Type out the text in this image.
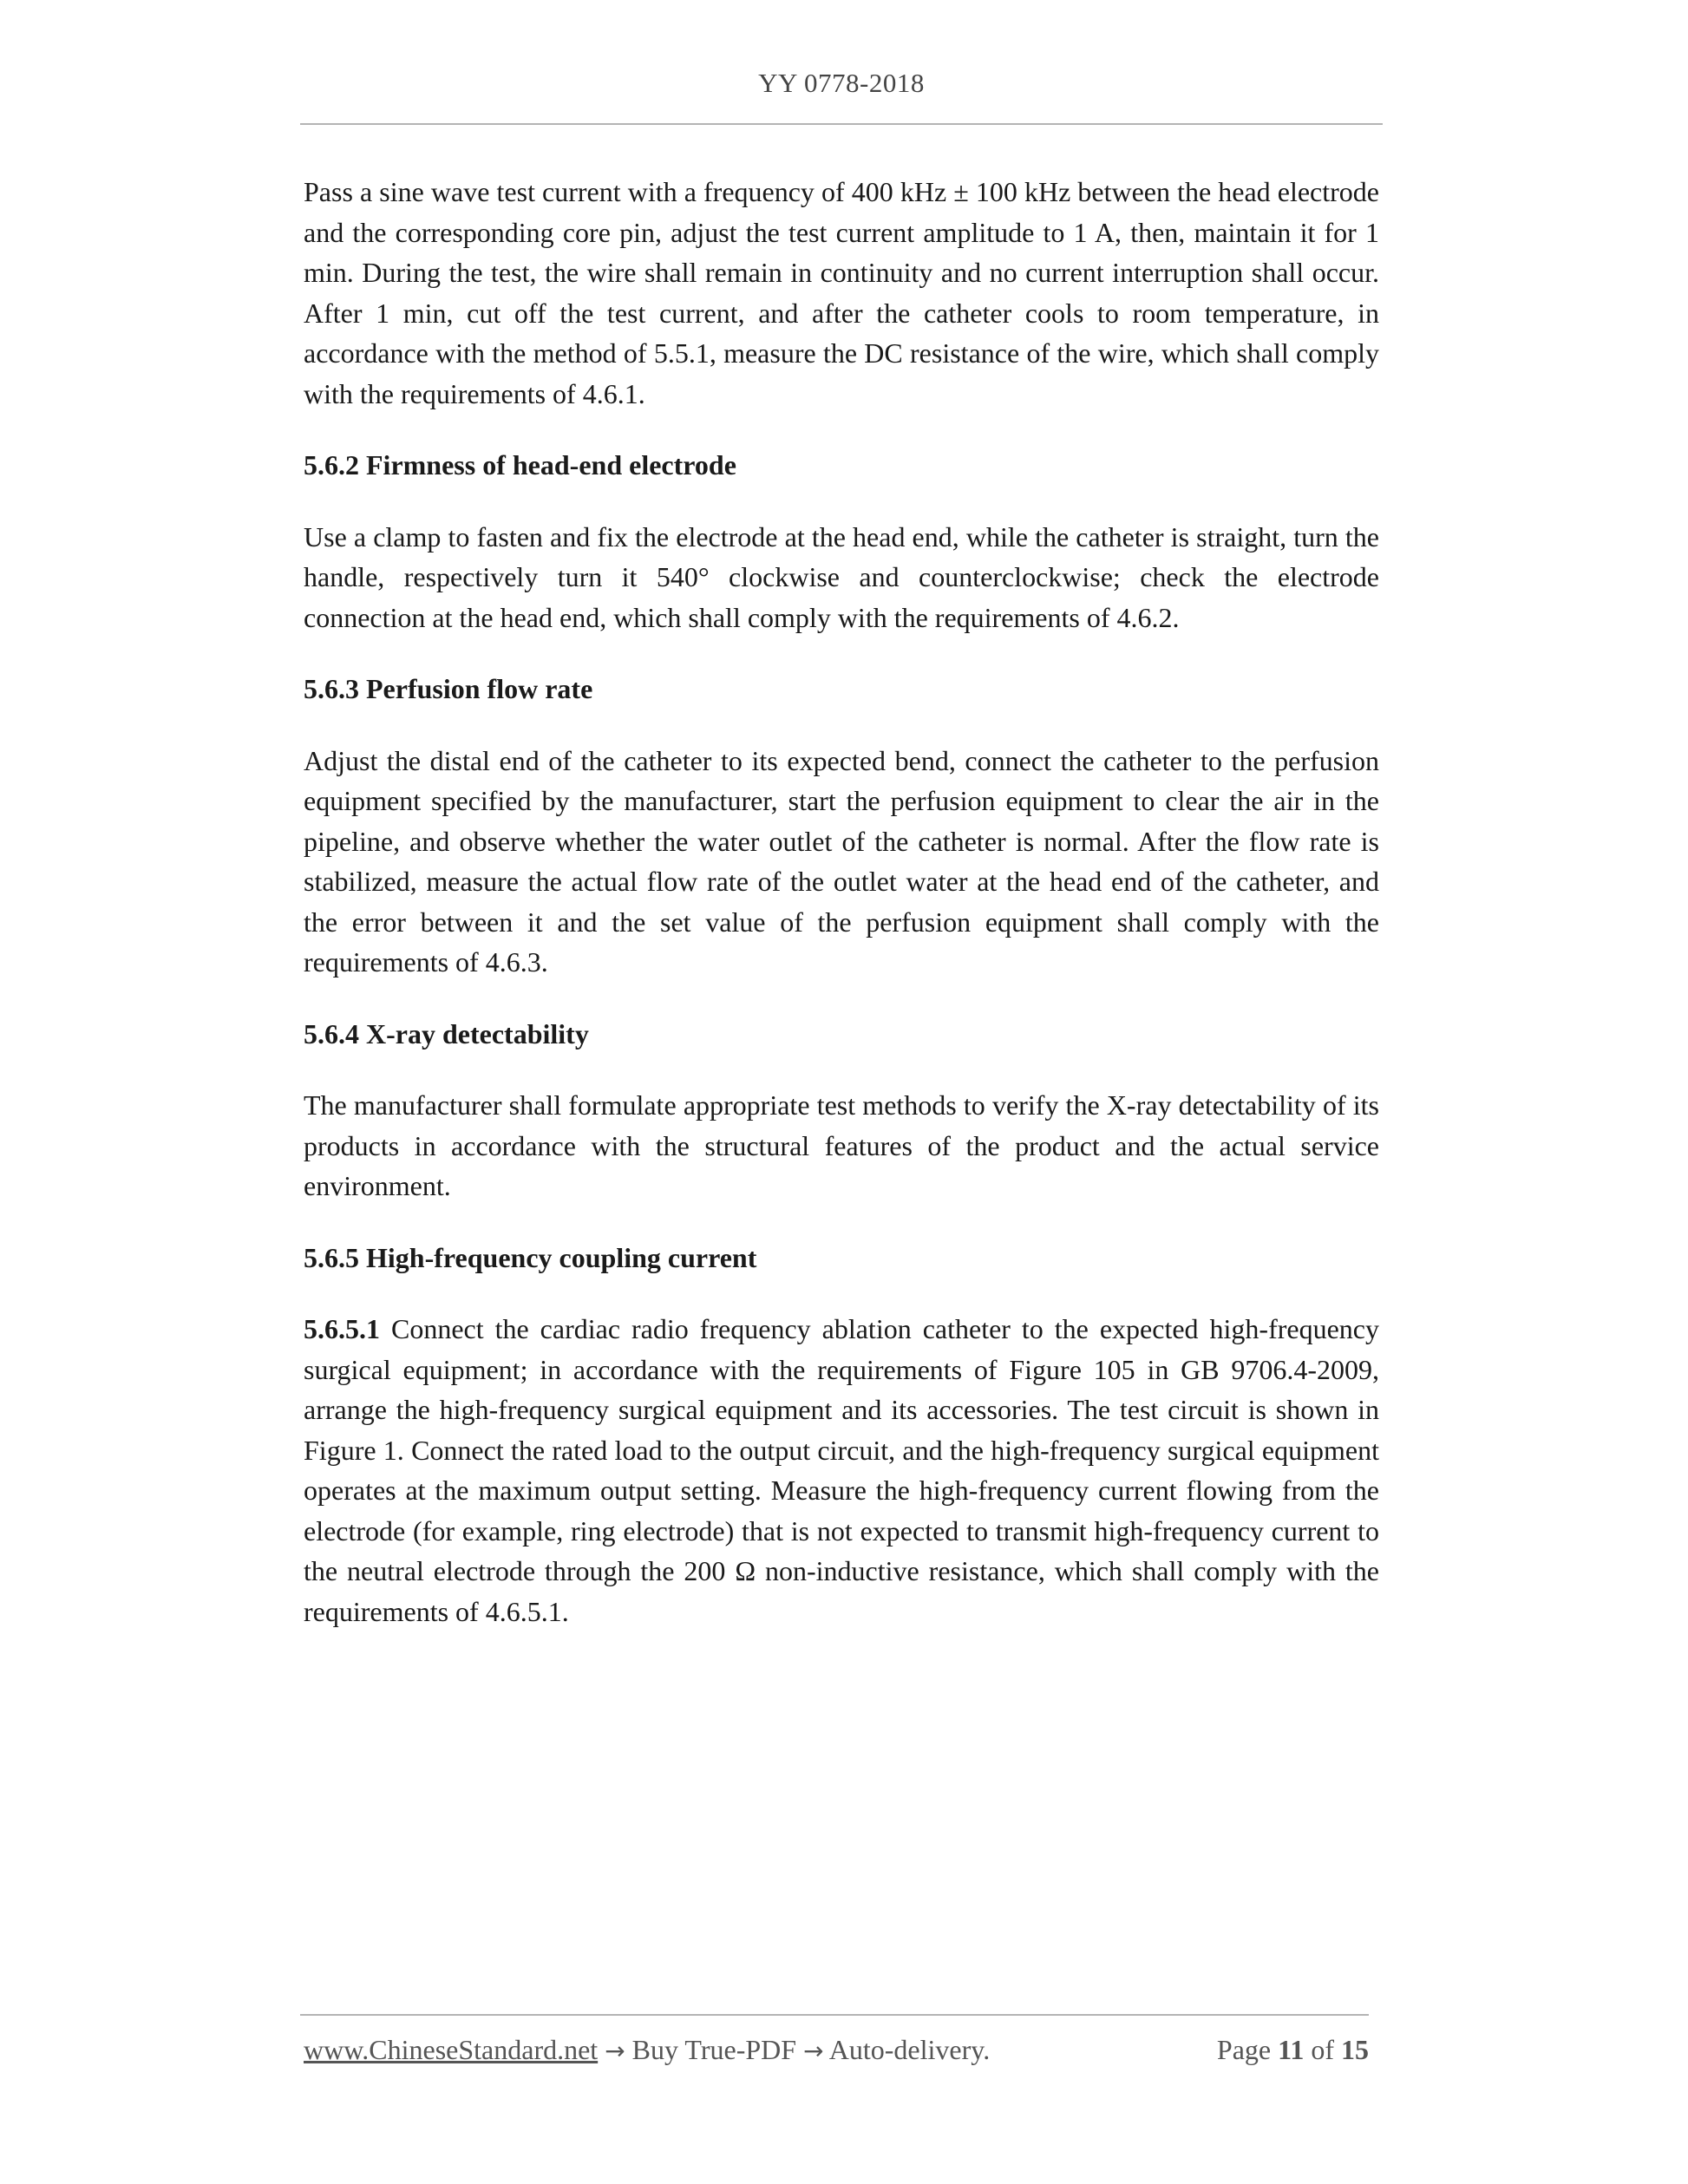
YY 0778-2018

Pass a sine wave test current with a frequency of 400 kHz ± 100 kHz between the head electrode and the corresponding core pin, adjust the test current amplitude to 1 A, then, maintain it for 1 min. During the test, the wire shall remain in continuity and no current interruption shall occur. After 1 min, cut off the test current, and after the catheter cools to room temperature, in accordance with the method of 5.5.1, measure the DC resistance of the wire, which shall comply with the requirements of 4.6.1.

5.6.2 Firmness of head-end electrode

Use a clamp to fasten and fix the electrode at the head end, while the catheter is straight, turn the handle, respectively turn it 540° clockwise and counterclockwise; check the electrode connection at the head end, which shall comply with the requirements of 4.6.2.

5.6.3 Perfusion flow rate

Adjust the distal end of the catheter to its expected bend, connect the catheter to the perfusion equipment specified by the manufacturer, start the perfusion equipment to clear the air in the pipeline, and observe whether the water outlet of the catheter is normal. After the flow rate is stabilized, measure the actual flow rate of the outlet water at the head end of the catheter, and the error between it and the set value of the perfusion equipment shall comply with the requirements of 4.6.3.

5.6.4 X-ray detectability

The manufacturer shall formulate appropriate test methods to verify the X-ray detectability of its products in accordance with the structural features of the product and the actual service environment.

5.6.5 High-frequency coupling current

5.6.5.1 Connect the cardiac radio frequency ablation catheter to the expected high-frequency surgical equipment; in accordance with the requirements of Figure 105 in GB 9706.4-2009, arrange the high-frequency surgical equipment and its accessories. The test circuit is shown in Figure 1. Connect the rated load to the output circuit, and the high-frequency surgical equipment operates at the maximum output setting. Measure the high-frequency current flowing from the electrode (for example, ring electrode) that is not expected to transmit high-frequency current to the neutral electrode through the 200 Ω non-inductive resistance, which shall comply with the requirements of 4.6.5.1.

www.ChineseStandard.net → Buy True-PDF → Auto-delivery.	Page 11 of 15
